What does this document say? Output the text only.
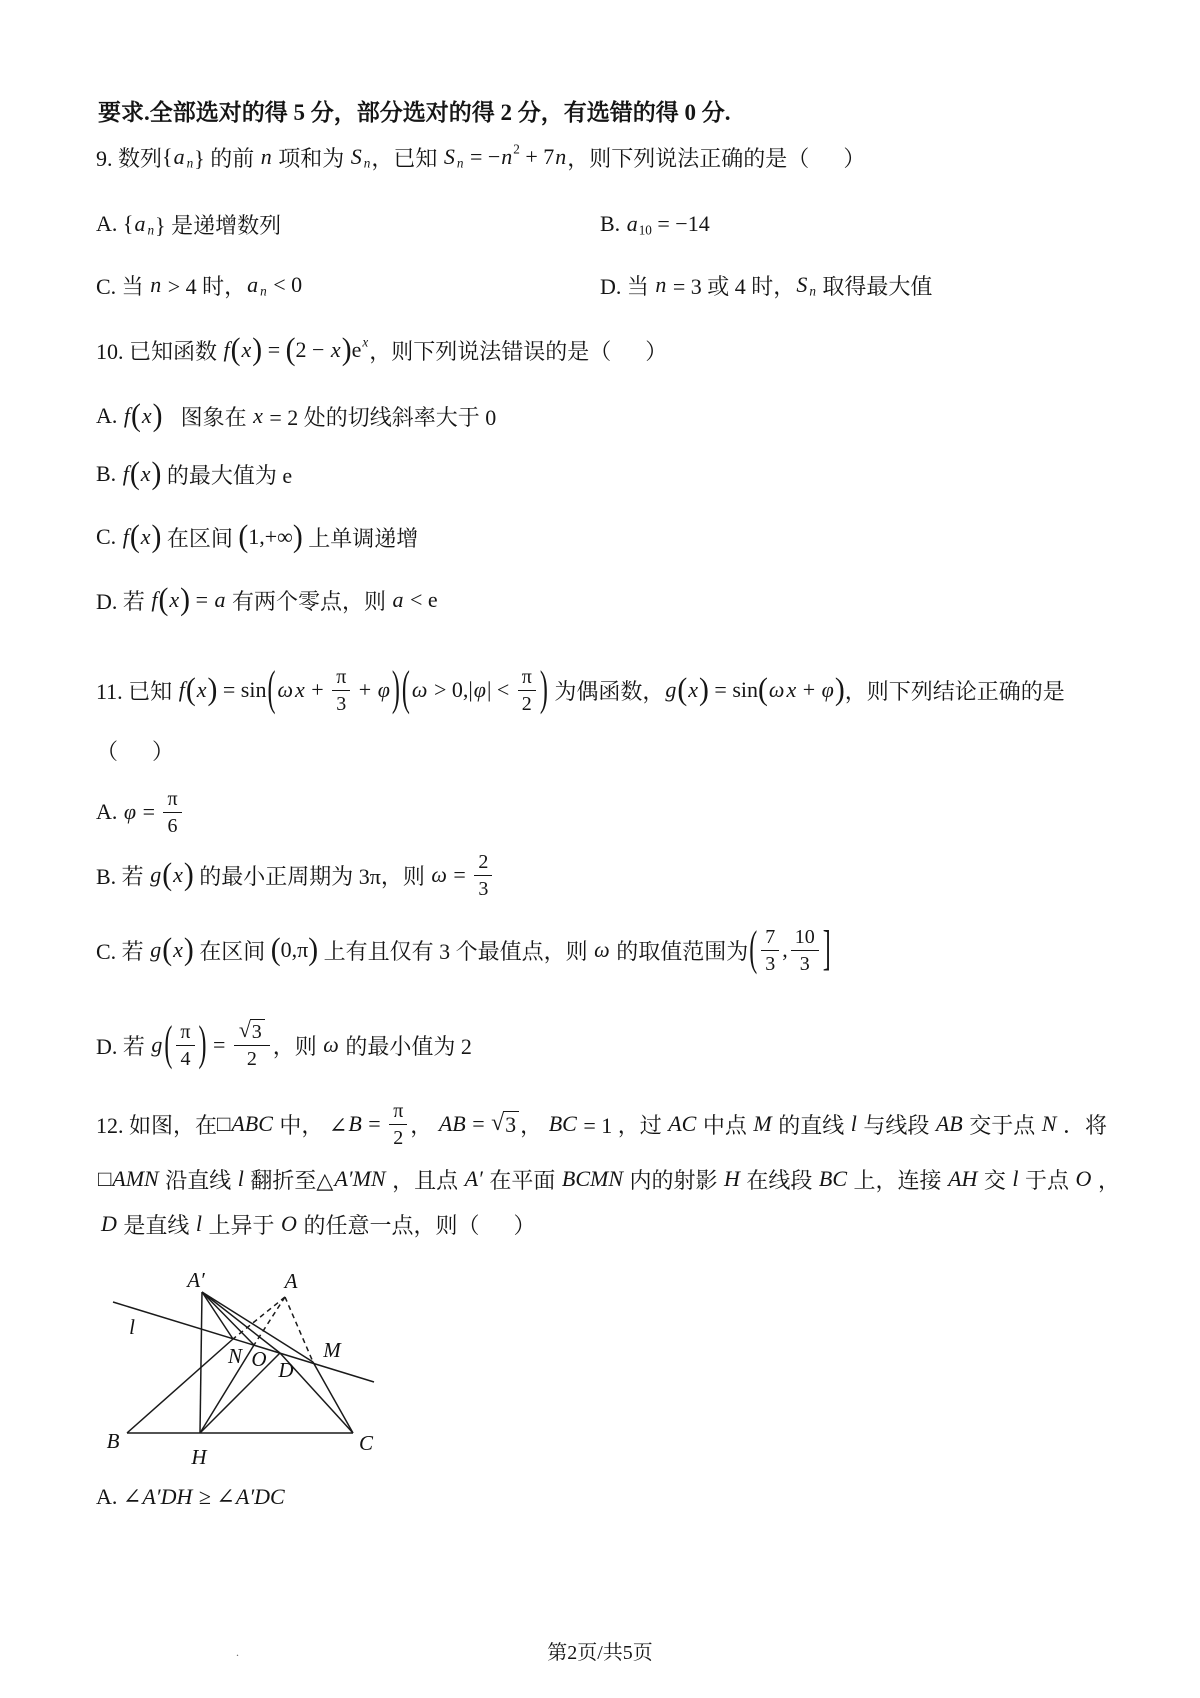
要求.全部选对的得 5 分，部分选对的得 2 分，有选错的得 0 分.
9. 数列 { a n } 的前 n 项和为 S n ，已知 S n = − n 2 + 7 n ，则下列说法正确的是（ ）
A. { a n } 是递增数列	B. a 10 = −14
C. 当 n > 4 时， a n < 0	D. 当 n = 3 或 4 时， S n 取得最大值
10. 已知函数 f ( x ) = ( 2 − x ) e x ，则下列说法错误的是（ ）
A. f ( x ) 图象在 x = 2 处的切线斜率大于 0
B. f ( x ) 的最大值为 e
C. f ( x ) 在区间 ( 1,+∞ ) 上单调递增
D. 若 f ( x ) = a 有两个零点，则 a < e
11. 已知 f ( x ) = sin ( ω $x + \frac{\pi}{3} + \varphi$ ) ( ω > 0, | φ | <
π
2 ) 为偶函数， g ( x ) = sin ( ω x + φ ) ，则下列结论正确的是
（ ）
A. $\varphi = \frac{\pi}{6}$
B. 若 g ( x ) 的最小正周期为 3π，则 $\omega = \frac{2}{3}$
C. 若 g ( x ) 在区间 ( 0,π ) 上有且仅有 3 个最值点，则 ω 的取值范围为 ( 7
3
,
10
3 ]
D. 若 g ( π
4 ) = $\frac{√ 3}{2}$ ，则 ω 的最小值为 2
12. 如图，在 □ ABC 中， ∠ $B = \frac{\pi}{2}$ ， AB = √ 3 ， BC = 1 ，过 AC 中点 M 的直线 l 与线段 AB 交于点 N ．将
□ AMN 沿直线 l 翻折至△ A′MN ，且点 A′ 在平面 BCMN 内的射影 H 在线段 BC 上，连接 AH 交 l 于点 O ，
D 是直线 l 上异于 O 的任意一点，则（ ）
A′	A
l
N O D
M
B
H
C
A. ∠ A′DH ≥ ∠ A′DC
.	第2页/共5页
